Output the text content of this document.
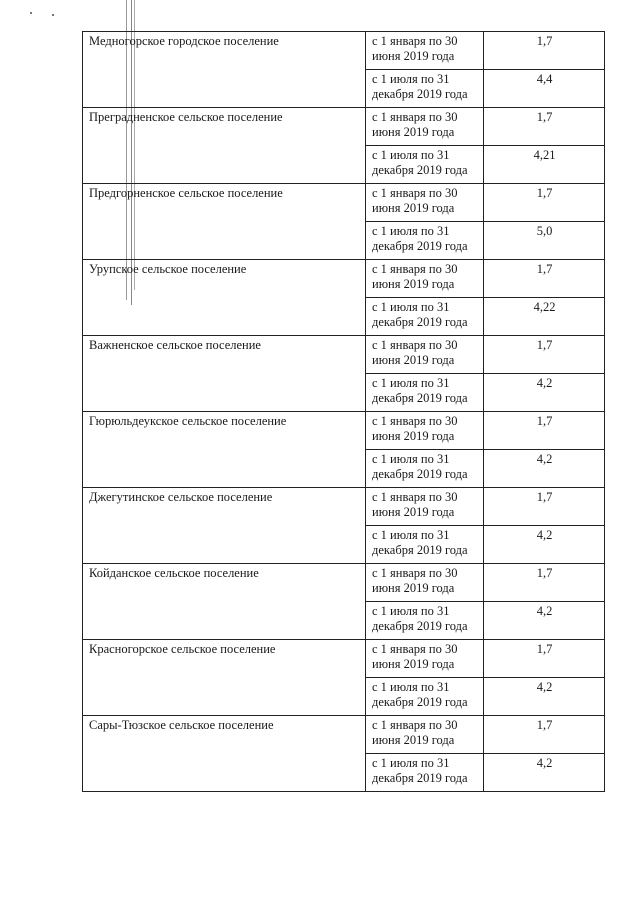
Медногорское городское поселение	с 1 января по 30 июня 2019 года	1,7
	с 1 июля по 31 декабря 2019 года	4,4
Преградненское сельское поселение	с 1 января по 30 июня 2019 года	1,7
	с 1 июля по 31 декабря 2019 года	4,21
Предгорненское сельское поселение	с 1 января по 30 июня 2019 года	1,7
	с 1 июля по 31 декабря 2019 года	5,0
Урупское сельское поселение	с 1 января по 30 июня 2019 года	1,7
	с 1 июля по 31 декабря 2019 года	4,22
Важненское сельское поселение	с 1 января по 30 июня 2019 года	1,7
	с 1 июля по 31 декабря 2019 года	4,2
Гюрюльдеукское сельское поселение	с 1 января по 30 июня 2019 года	1,7
	с 1 июля по 31 декабря 2019 года	4,2
Джегутинское сельское поселение	с 1 января по 30 июня 2019 года	1,7
	с 1 июля по 31 декабря 2019 года	4,2
Койданское сельское поселение	с 1 января по 30 июня 2019 года	1,7
	с 1 июля по 31 декабря 2019 года	4,2
Красногорское сельское поселение	с 1 января по 30 июня 2019 года	1,7
	с 1 июля по 31 декабря 2019 года	4,2
Сары-Тюзское сельское поселение	с 1 января по 30 июня 2019 года	1,7
	с 1 июля по 31 декабря 2019 года	4,2
